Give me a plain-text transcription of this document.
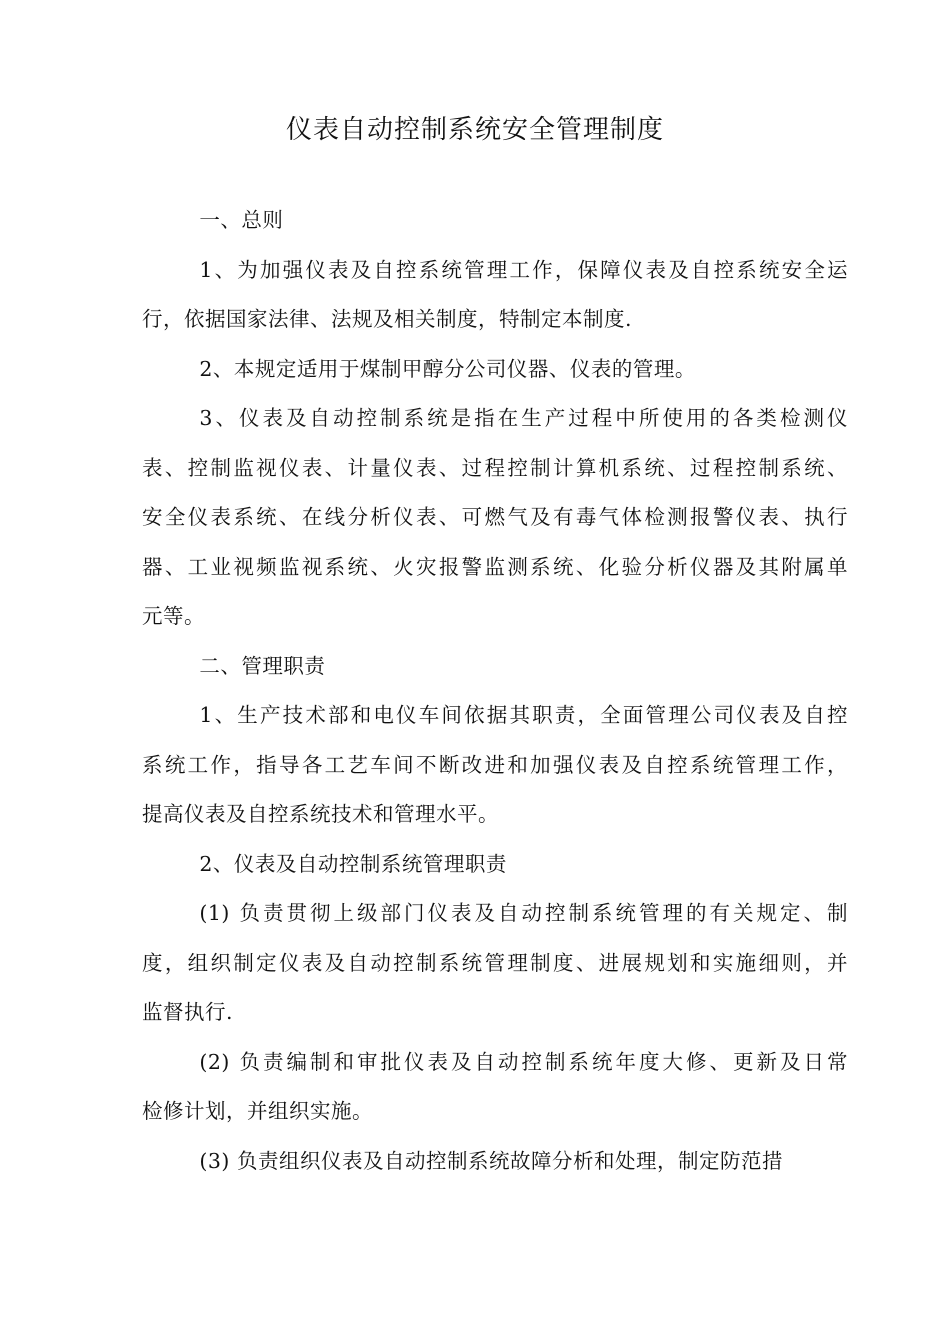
仪表自动控制系统安全管理制度
一、总则
1、为加强仪表及自控系统管理工作，保障仪表及自控系统安全运
行，依据国家法律、法规及相关制度，特制定本制度.
2、本规定适用于煤制甲醇分公司仪器、仪表的管理。
3、仪表及自动控制系统是指在生产过程中所使用的各类检测仪
表、控制监视仪表、计量仪表、过程控制计算机系统、过程控制系统、
安全仪表系统、在线分析仪表、可燃气及有毒气体检测报警仪表、执行
器、工业视频监视系统、火灾报警监测系统、化验分析仪器及其附属单
元等。
二、管理职责
1、生产技术部和电仪车间依据其职责，全面管理公司仪表及自控
系统工作，指导各工艺车间不断改进和加强仪表及自控系统管理工作，
提高仪表及自控系统技术和管理水平。
2、仪表及自动控制系统管理职责
(1) 负责贯彻上级部门仪表及自动控制系统管理的有关规定、制
度，组织制定仪表及自动控制系统管理制度、进展规划和实施细则，并
监督执行.
(2) 负责编制和审批仪表及自动控制系统年度大修、更新及日常
检修计划，并组织实施。
(3) 负责组织仪表及自动控制系统故障分析和处理，制定防范措
